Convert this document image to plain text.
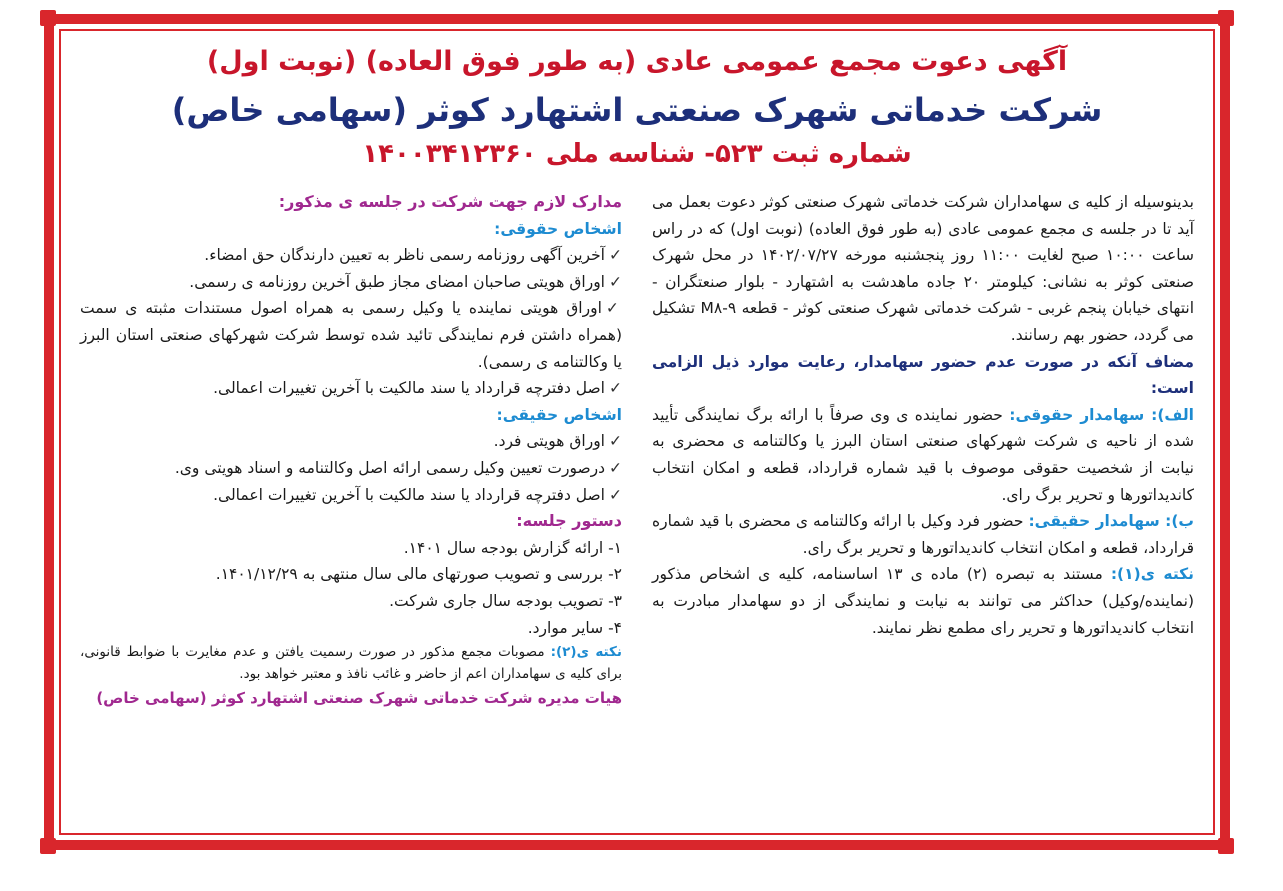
آگهی دعوت مجمع عمومی عادی (به طور فوق العاده) (نوبت اول)
شرکت خدماتی شهرک صنعتی اشتهارد کوثر (سهامی خاص)
شماره ثبت ۵۲۳- شناسه ملی ۱۴۰۰۳۴۱۲۳۶۰

بدینوسیله از کلیه ی سهامداران شرکت خدماتی شهرک صنعتی کوثر دعوت بعمل می آید تا در جلسه ی مجمع عمومی عادی (به طور فوق العاده) (نوبت اول) که در راس ساعت ۱۰:۰۰ صبح لغایت ۱۱:۰۰ روز پنجشنبه مورخه ۱۴۰۲/۰۷/۲۷ در محل شهرک صنعتی کوثر به نشانی: کیلومتر ۲۰ جاده ماهدشت به اشتهارد - بلوار صنعتگران - انتهای خیابان پنجم غربی - شرکت خدماتی شهرک صنعتی کوثر - قطعه M۸-۹ تشکیل می گردد، حضور بهم رسانند.

مضاف آنکه در صورت عدم حضور سهامدار، رعایت موارد ذیل الزامی است:

الف): سهامدار حقوقی: حضور نماینده ی وی صرفاً با ارائه برگ نمایندگی تأیید شده از ناحیه ی شرکت شهرکهای صنعتی استان البرز یا وکالتنامه ی محضری به نیابت از شخصیت حقوقی موصوف با قید شماره قرارداد، قطعه و امکان انتخاب کاندیداتورها و تحریر برگ رای.

ب): سهامدار حقیقی: حضور فرد وکیل با ارائه وکالتنامه ی محضری با قید شماره قرارداد، قطعه و امکان انتخاب کاندیداتورها و تحریر برگ رای.

نکته ی(۱): مستند به تبصره (۲) ماده ی ۱۳ اساسنامه، کلیه ی اشخاص مذکور (نماینده/وکیل) حداکثر می توانند به نیابت و نمایندگی از دو سهامدار مبادرت به انتخاب کاندیداتورها و تحریر رای مطمع نظر نمایند.

مدارک لازم جهت شرکت در جلسه ی مذکور:

اشخاص حقوقی:

✓ آخرین آگهی روزنامه رسمی ناظر به تعیین دارندگان حق امضاء.

✓ اوراق هویتی صاحبان امضای مجاز طبق آخرین روزنامه ی رسمی.

✓ اوراق هویتی نماینده یا وکیل رسمی به همراه اصول مستندات مثبته ی سمت (همراه داشتن فرم نمایندگی تائید شده توسط شرکت شهرکهای صنعتی استان البرز یا وکالتنامه ی رسمی).

✓ اصل دفترچه قرارداد یا سند مالکیت با آخرین تغییرات اعمالی.

اشخاص حقیقی:

✓ اوراق هویتی فرد.

✓ درصورت تعیین وکیل رسمی ارائه اصل وکالتنامه و اسناد هویتی وی.

✓ اصل دفترچه قرارداد یا سند مالکیت با آخرین تغییرات اعمالی.

دستور جلسه:

۱- ارائه گزارش بودجه سال ۱۴۰۱.

۲- بررسی و تصویب صورتهای مالی سال منتهی به ۱۴۰۱/۱۲/۲۹.

۳- تصویب بودجه سال جاری شرکت.

۴- سایر موارد.

نکته ی(۲): مصوبات مجمع مذکور در صورت رسمیت یافتن و عدم مغایرت با ضوابط قانونی، برای کلیه ی سهامداران اعم از حاضر و غائب نافذ و معتبر خواهد بود.

هیات مدیره شرکت خدماتی شهرک صنعتی اشتهارد کوثر (سهامی خاص)
